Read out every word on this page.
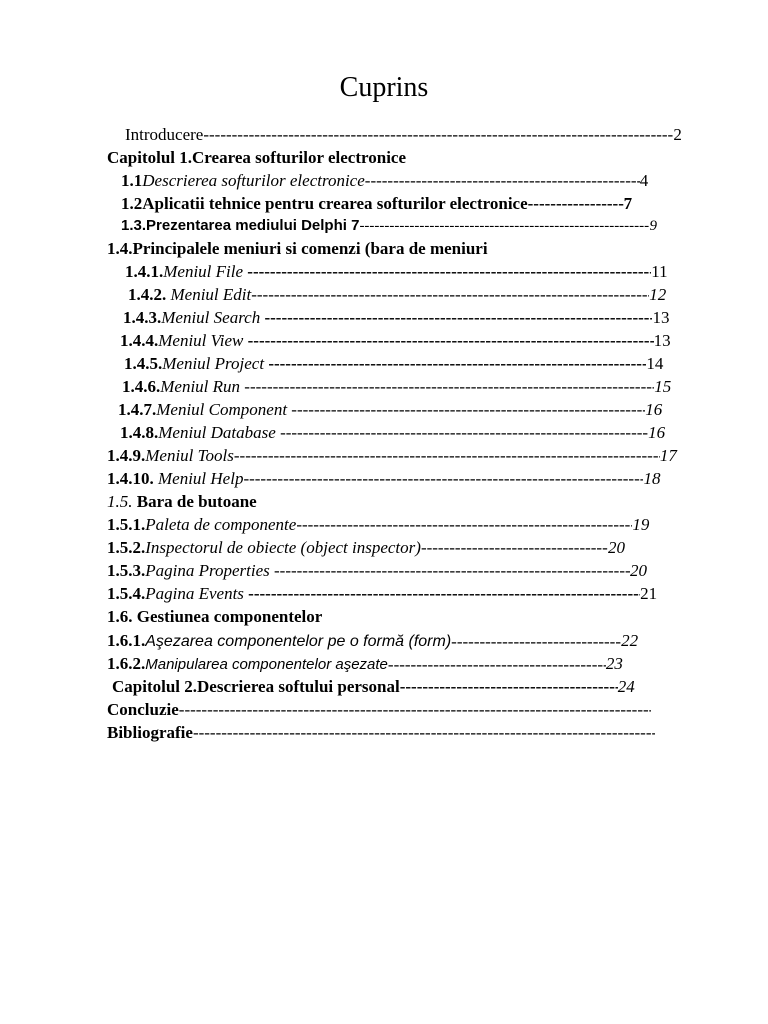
Cuprins
Introducere -----	2
Capitolul 1.Crearea softurilor electronice
1.1Descrierea softurilor electronice -----	4
1.2Aplicatii tehnice pentru crearea softurilor electronice -----	7
1.3.Prezentarea mediului Delphi 7 -----	9
1.4.Principalele meniuri si comenzi (bara de meniuri
1.4.1.Meniul File -----	11
1.4.2. Meniul Edit -----	12
1.4.3.Meniul Search -----	13
1.4.4.Meniul View -----	13
1.4.5.Meniul Project -----	14
1.4.6.Meniul Run -----	15
1.4.7.Meniul Component -----	16
1.4.8.Meniul Database -----	16
1.4.9.Meniul Tools -----	17
1.4.10. Meniul Help -----	18
1.5. Bara de butoane
1.5.1.Paleta de componente -----	19
1.5.2.Inspectorul de obiecte (object inspector) -----	20
1.5.3.Pagina Properties -----	20
1.5.4.Pagina Events -----	21
1.6. Gestiunea componentelor
1.6.1.Aşezarea componentelor pe o formă (form) -----	22
1.6.2.Manipularea componentelor aşezate -----	23
Capitolul 2.Descrierea softului personal -----	24
Concluzie-----
Bibliografie-----
